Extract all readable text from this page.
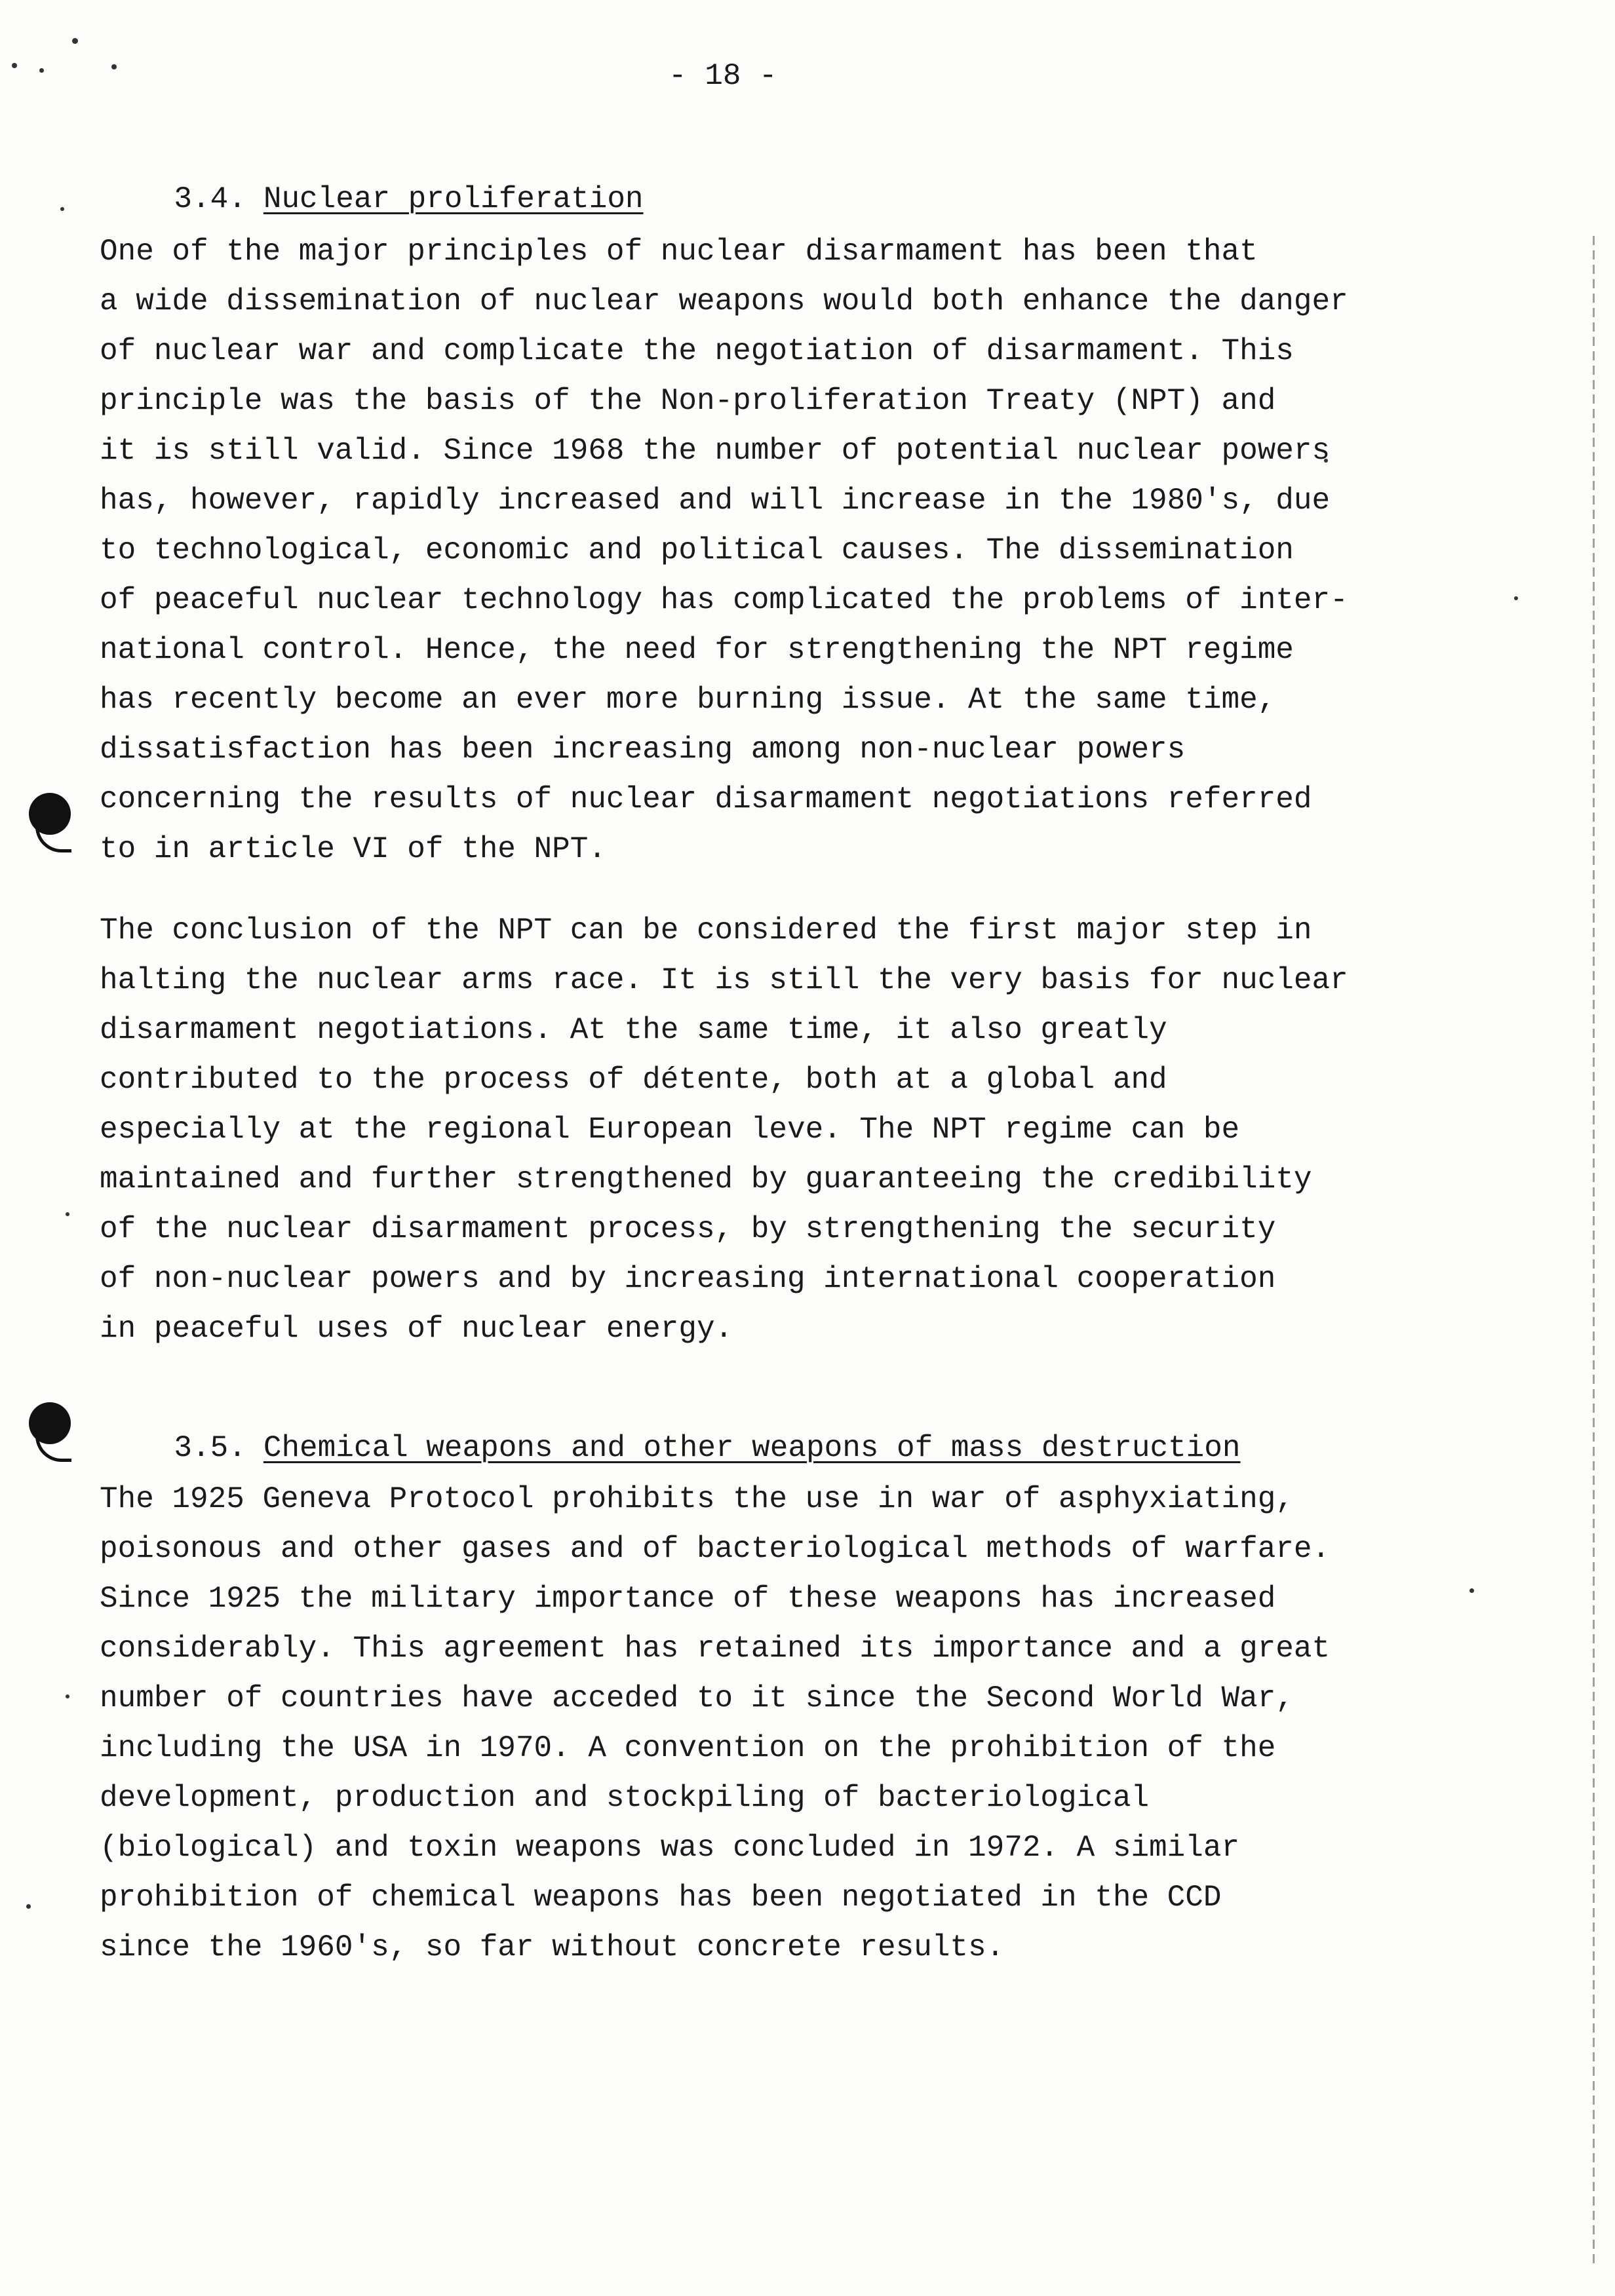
- 18 -

3.4. Nuclear proliferation

One of the major principles of nuclear disarmament has been that
a wide dissemination of nuclear weapons would both enhance the danger
of nuclear war and complicate the negotiation of disarmament. This
principle was the basis of the Non-proliferation Treaty (NPT) and
it is still valid. Since 1968 the number of potential nuclear powers
has, however, rapidly increased and will increase in the 1980's, due
to technological, economic and political causes. The dissemination
of peaceful nuclear technology has complicated the problems of inter-
national control. Hence, the need for strengthening the NPT regime
has recently become an ever more burning issue. At the same time,
dissatisfaction has been increasing among non-nuclear powers
concerning the results of nuclear disarmament negotiations referred
to in article VI of the NPT.
The conclusion of the NPT can be considered the first major step in
halting the nuclear arms race. It is still the very basis for nuclear
disarmament negotiations. At the same time, it also greatly
contributed to the process of détente, both at a global and
especially at the regional European leve. The NPT regime can be
maintained and further strengthened by guaranteeing the credibility
of the nuclear disarmament process, by strengthening the security
of non-nuclear powers and by increasing international cooperation
in peaceful uses of nuclear energy.

3.5. Chemical weapons and other weapons of mass destruction

The 1925 Geneva Protocol prohibits the use in war of asphyxiating,
poisonous and other gases and of bacteriological methods of warfare.
Since 1925 the military importance of these weapons has increased
considerably. This agreement has retained its importance and a great
number of countries have acceded to it since the Second World War,
including the USA in 1970. A convention on the prohibition of the
development, production and stockpiling of bacteriological
(biological) and toxin weapons was concluded in 1972. A similar
prohibition of chemical weapons has been negotiated in the CCD
since the 1960's, so far without concrete results.
